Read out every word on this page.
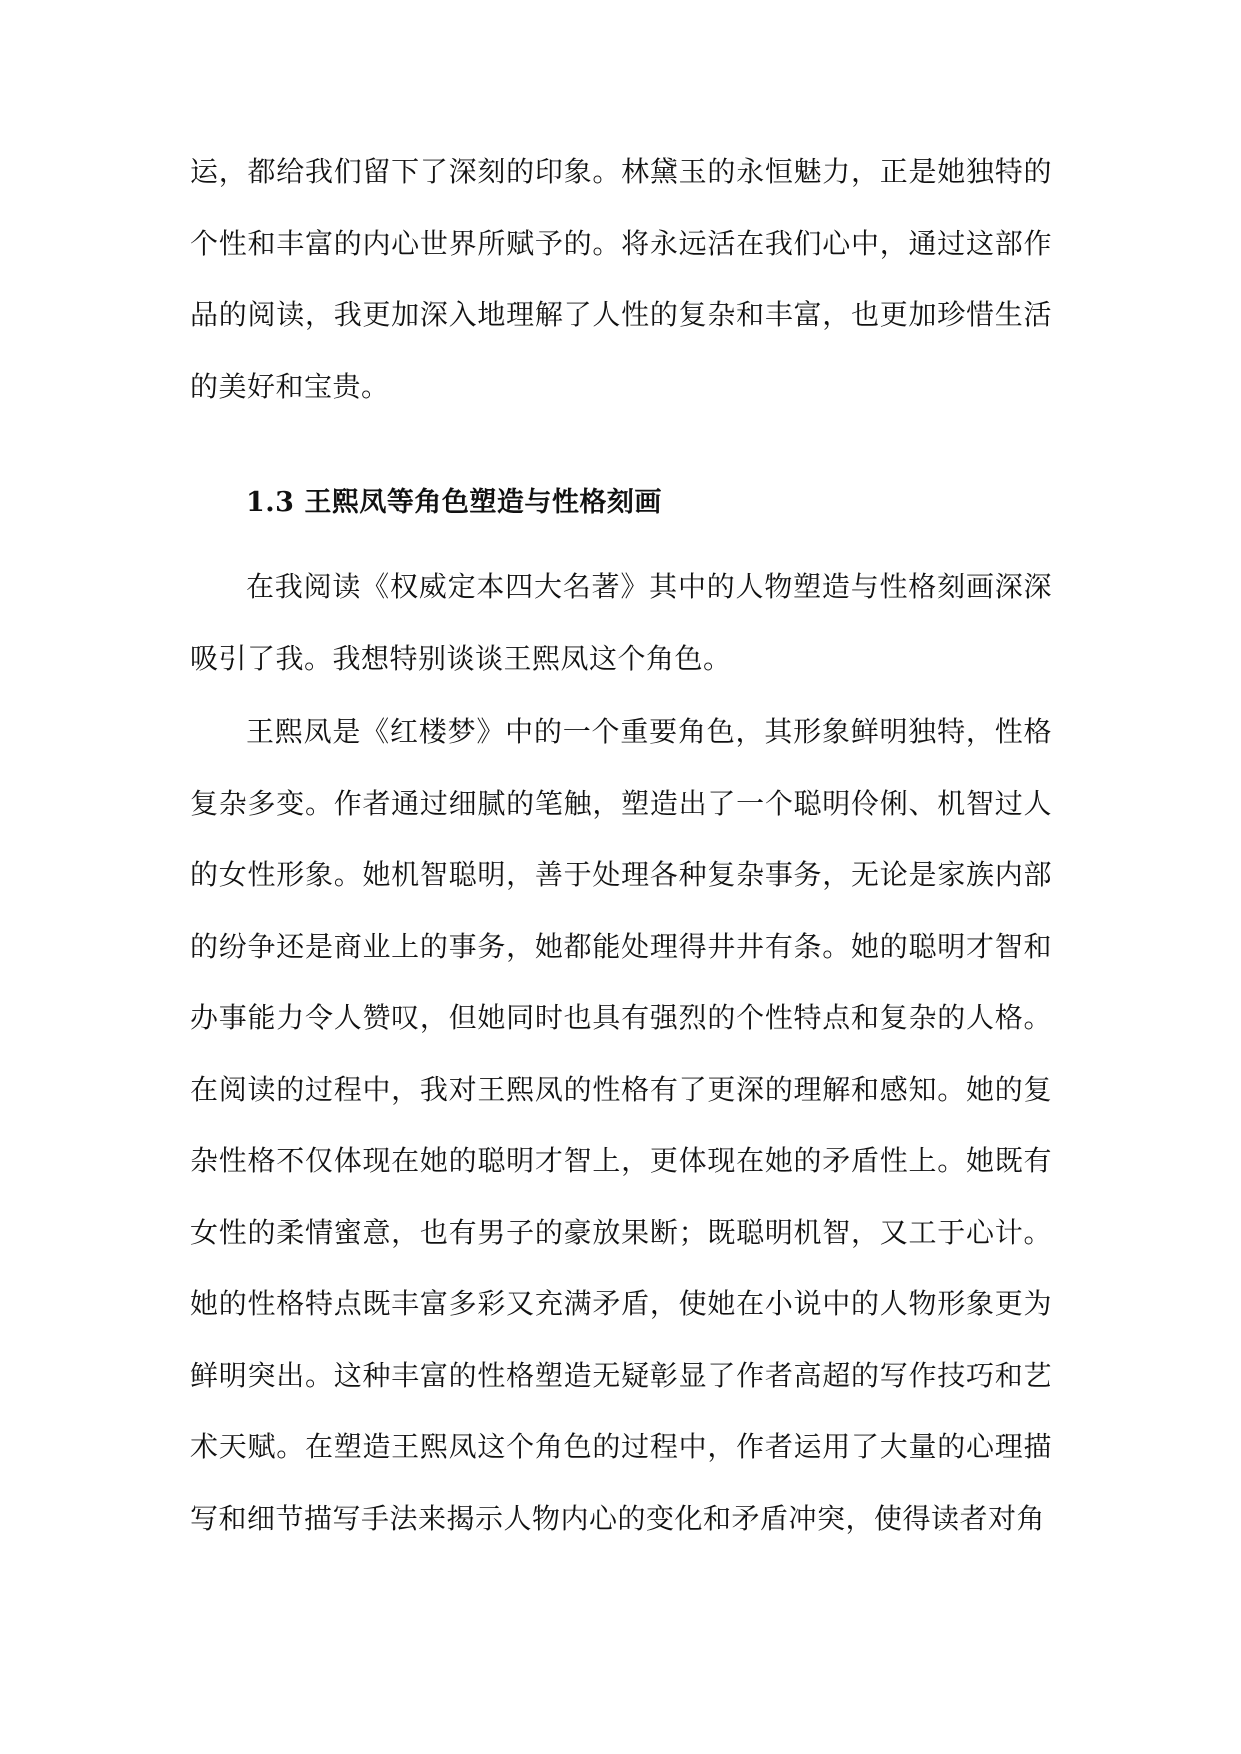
运，都给我们留下了深刻的印象。林黛玉的永恒魅力，正是她独特的个性和丰富的内心世界所赋予的。将永远活在我们心中，通过这部作品的阅读，我更加深入地理解了人性的复杂和丰富，也更加珍惜生活的美好和宝贵。

1.3 王熙凤等角色塑造与性格刻画

在我阅读《权威定本四大名著》其中的人物塑造与性格刻画深深吸引了我。我想特别谈谈王熙凤这个角色。

王熙凤是《红楼梦》中的一个重要角色，其形象鲜明独特，性格复杂多变。作者通过细腻的笔触，塑造出了一个聪明伶俐、机智过人的女性形象。她机智聪明，善于处理各种复杂事务，无论是家族内部的纷争还是商业上的事务，她都能处理得井井有条。她的聪明才智和办事能力令人赞叹，但她同时也具有强烈的个性特点和复杂的人格。在阅读的过程中，我对王熙凤的性格有了更深的理解和感知。她的复杂性格不仅体现在她的聪明才智上，更体现在她的矛盾性上。她既有女性的柔情蜜意，也有男子的豪放果断；既聪明机智，又工于心计。她的性格特点既丰富多彩又充满矛盾，使她在小说中的人物形象更为鲜明突出。这种丰富的性格塑造无疑彰显了作者高超的写作技巧和艺术天赋。在塑造王熙凤这个角色的过程中，作者运用了大量的心理描写和细节描写手法来揭示人物内心的变化和矛盾冲突，使得读者对角
